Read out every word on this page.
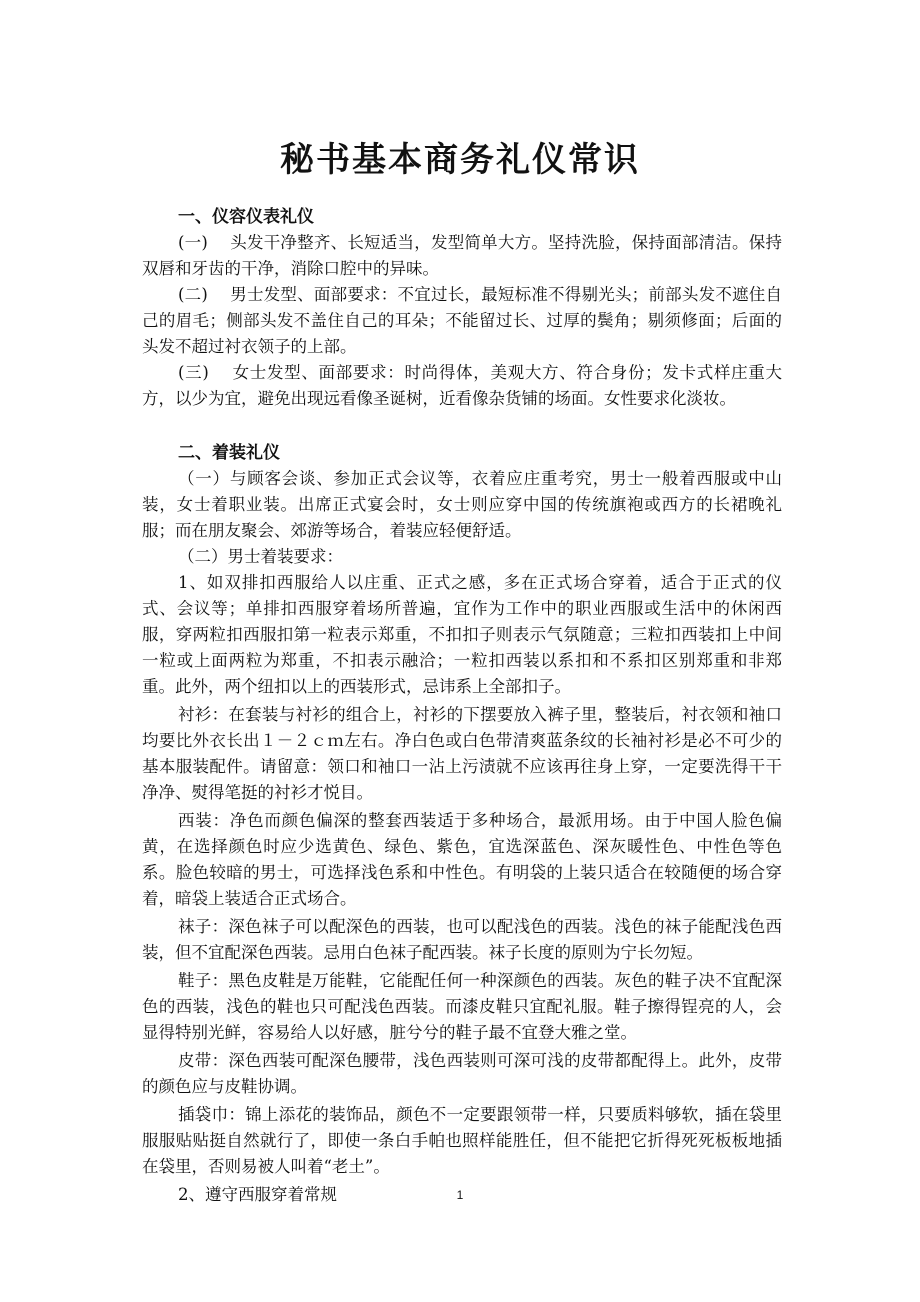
秘书基本商务礼仪常识
一、仪容仪表礼仪

(一)　 头发干净整齐、长短适当，发型简单大方。坚持洗脸，保持面部清洁。保持双唇和牙齿的干净，消除口腔中的异味。

(二)　 男士发型、面部要求：不宜过长，最短标准不得剔光头；前部头发不遮住自己的眉毛；侧部头发不盖住自己的耳朵；不能留过长、过厚的鬓角；剔须修面；后面的头发不超过衬衣领子的上部。

(三)　 女士发型、面部要求：时尚得体，美观大方、符合身份；发卡式样庄重大方，以少为宜，避免出现远看像圣诞树，近看像杂货铺的场面。女性要求化淡妆。

二、着装礼仪

（一）与顾客会谈、参加正式会议等，衣着应庄重考究，男士一般着西服或中山装，女士着职业装。出席正式宴会时，女士则应穿中国的传统旗袍或西方的长裙晚礼服；而在朋友聚会、郊游等场合，着装应轻便舒适。

（二）男士着装要求：

1、如双排扣西服给人以庄重、正式之感，多在正式场合穿着，适合于正式的仪式、会议等；单排扣西服穿着场所普遍，宜作为工作中的职业西服或生活中的休闲西服，穿两粒扣西服扣第一粒表示郑重，不扣扣子则表示气氛随意；三粒扣西装扣上中间一粒或上面两粒为郑重，不扣表示融洽；一粒扣西装以系扣和不系扣区别郑重和非郑重。此外，两个纽扣以上的西装形式，忌讳系上全部扣子。

衬衫：在套装与衬衫的组合上，衬衫的下摆要放入裤子里，整装后，衬衣领和袖口均要比外衣长出１－２ｃｍ左右。净白色或白色带清爽蓝条纹的长袖衬衫是必不可少的基本服装配件。请留意：领口和袖口一沾上污渍就不应该再往身上穿，一定要洗得干干净净、熨得笔挺的衬衫才悦目。

西装：净色而颜色偏深的整套西装适于多种场合，最派用场。由于中国人脸色偏黄，在选择颜色时应少选黄色、绿色、紫色，宜选深蓝色、深灰暖性色、中性色等色系。脸色较暗的男士，可选择浅色系和中性色。有明袋的上装只适合在较随便的场合穿着，暗袋上装适合正式场合。

袜子：深色袜子可以配深色的西装，也可以配浅色的西装。浅色的袜子能配浅色西装，但不宜配深色西装。忌用白色袜子配西装。袜子长度的原则为宁长勿短。

鞋子：黑色皮鞋是万能鞋，它能配任何一种深颜色的西装。灰色的鞋子决不宜配深色的西装，浅色的鞋也只可配浅色西装。而漆皮鞋只宜配礼服。鞋子擦得锃亮的人，会显得特别光鲜，容易给人以好感，脏兮兮的鞋子最不宜登大雅之堂。

皮带：深色西装可配深色腰带，浅色西装则可深可浅的皮带都配得上。此外，皮带的颜色应与皮鞋协调。

插袋巾：锦上添花的装饰品，颜色不一定要跟领带一样，只要质料够软，插在袋里服服贴贴挺自然就行了，即使一条白手帕也照样能胜任，但不能把它折得死死板板地插在袋里，否则易被人叫着“老土”。

2、遵守西服穿着常规	1
